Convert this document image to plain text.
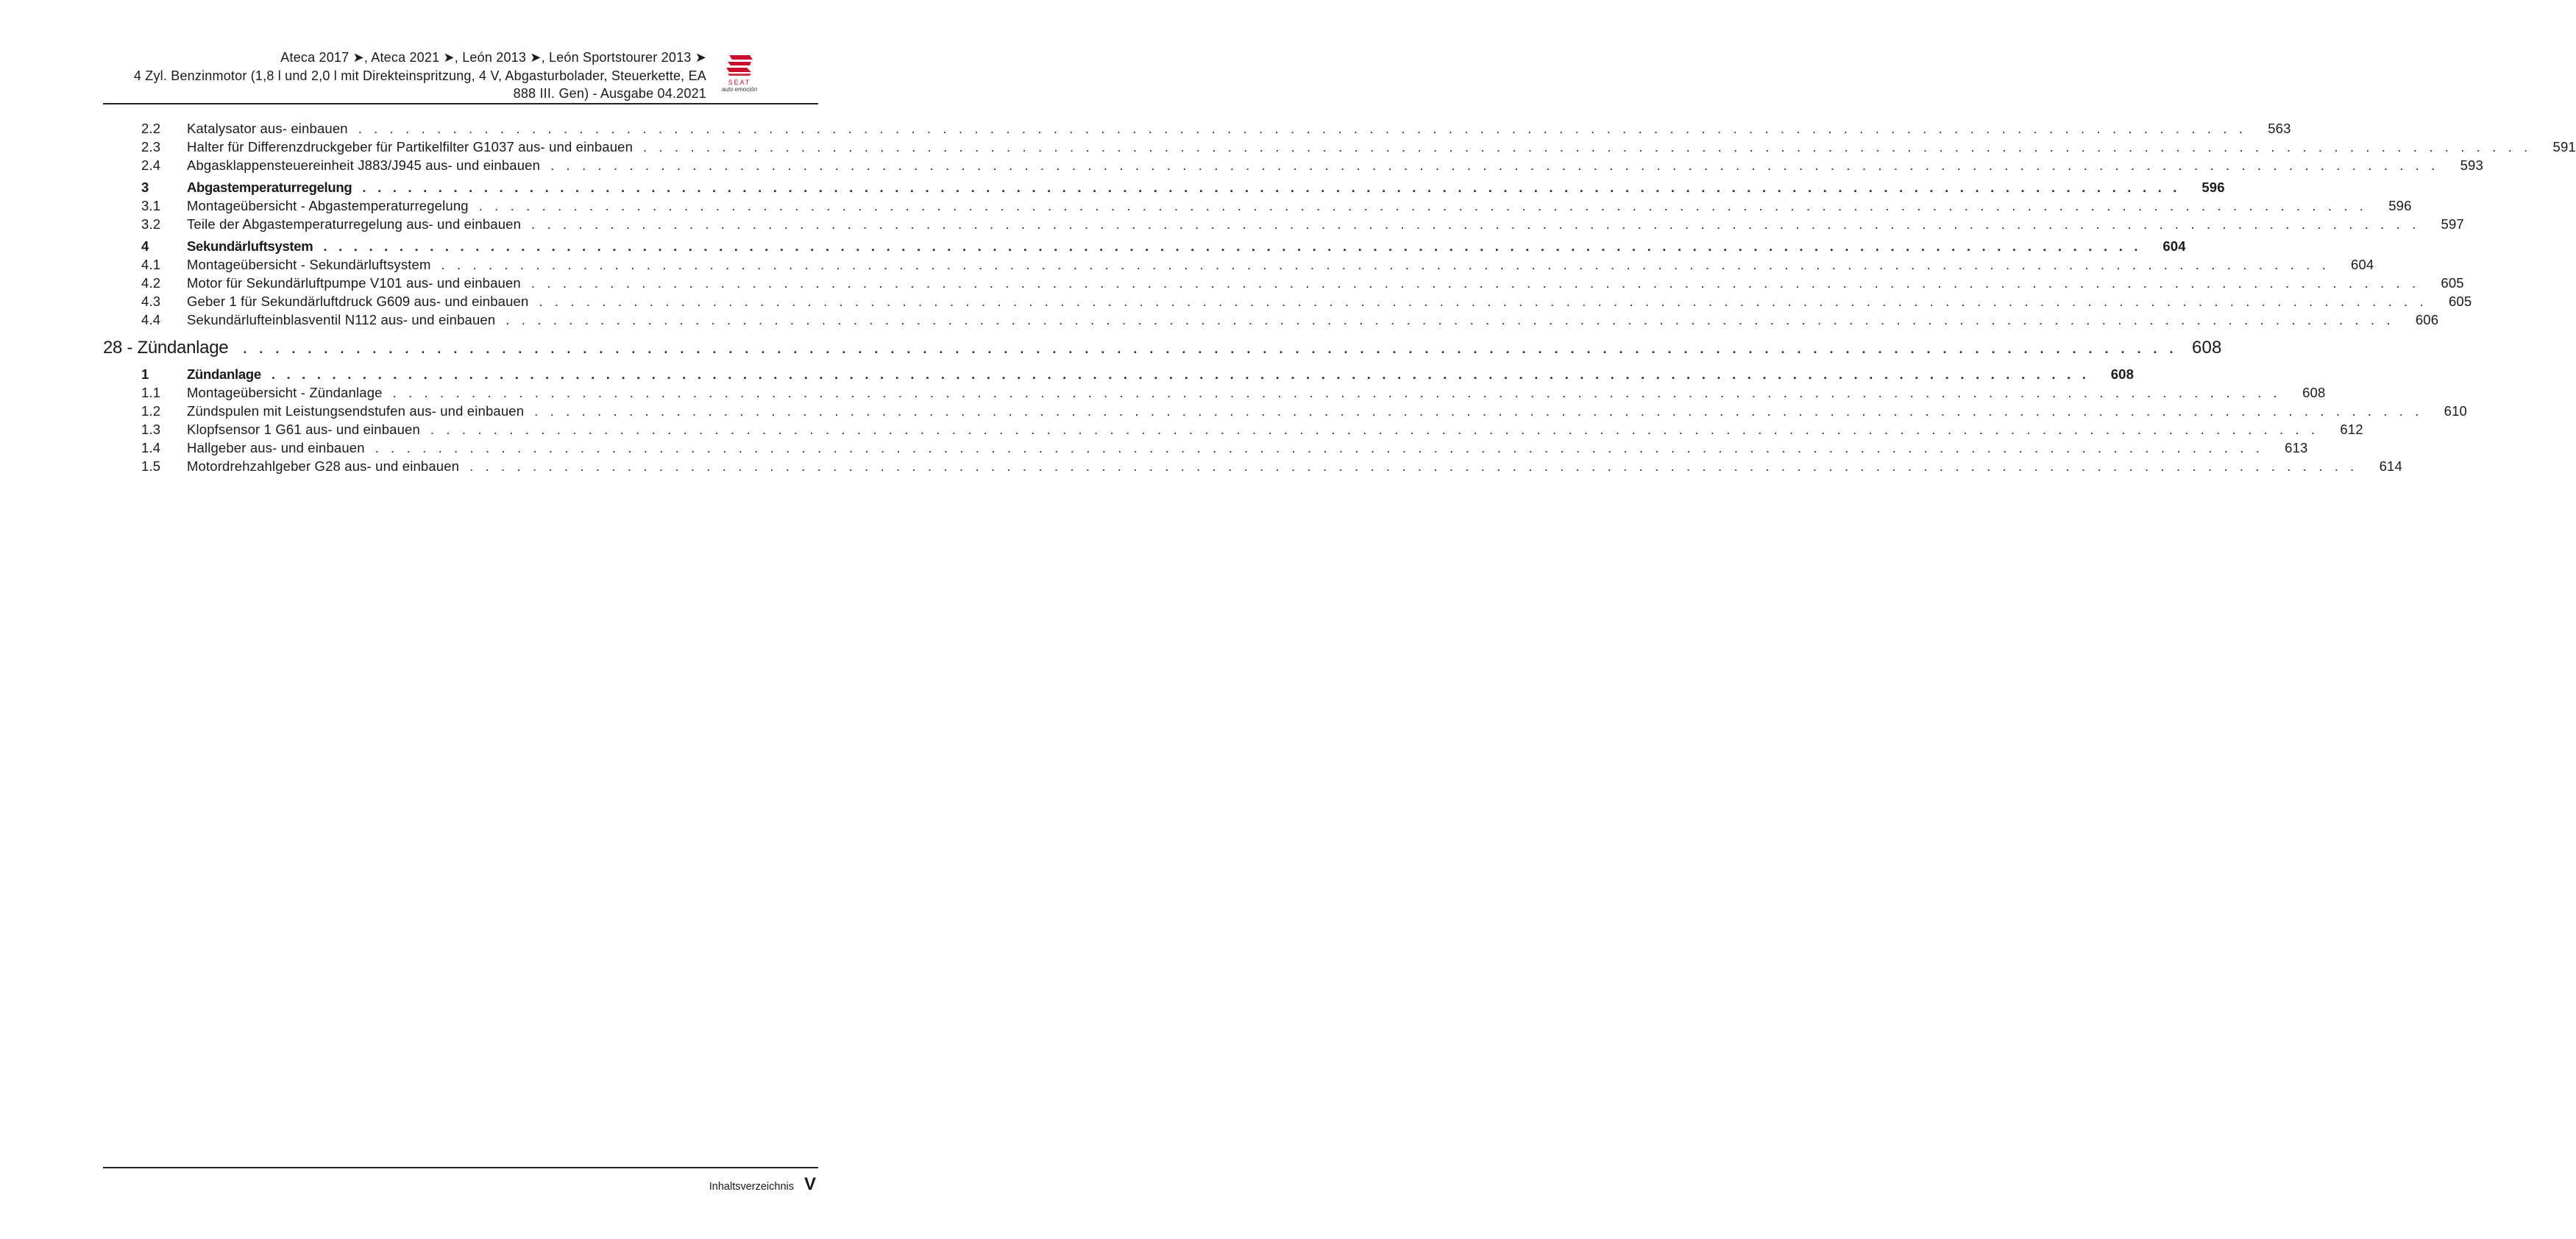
Ateca 2017 ➤, Ateca 2021 ➤, León 2013 ➤, León Sportstourer 2013 ➤
4 Zyl. Benzinmotor (1,8 l und 2,0 l mit Direkteinspritzung, 4 V, Abgasturbolader, Steuerkette, EA
888 III. Gen) - Ausgabe 04.2021
SEAT
auto emoción
2.2	Katalysator aus- einbauen . . . . . . . . . . . . . . . . . . . . . . . . . . . . . . . . . . . . . . . . . . . . . . . . . . . . . . . . . . . . . . . . . . . . . . . . . . . . . . . . . . . . . . . . . . . . . . . . . . . . . . . . . . . . . . . . . . . . . . . .	563
2.3	Halter für Differenzdruckgeber für Partikelfilter G1037 aus- und einbauen . . . . . . . . . . . . . . . . . . . . . . . . . . . . . . . . . . . . . . . . . . . . . . . . . . . . . . . . . . . . . . . . . . . . . . . . . . . . . . . . . . . . . . . . . . . . . . . . . . . . . . . . . . . . . . . . . . . . . . . .	591
2.4	Abgasklappensteuereinheit J883/J945 aus- und einbauen . . . . . . . . . . . . . . . . . . . . . . . . . . . . . . . . . . . . . . . . . . . . . . . . . . . . . . . . . . . . . . . . . . . . . . . . . . . . . . . . . . . . . . . . . . . . . . . . . . . . . . . . . . . . . . . . . . . . . . . .	593
3	Abgastemperaturregelung . . . . . . . . . . . . . . . . . . . . . . . . . . . . . . . . . . . . . . . . . . . . . . . . . . . . . . . . . . . . . . . . . . . . . . . . . . . . . . . . . . . . . . . . . . . . . . . . . . . . . . . . . . . . . . . . . . . . . . . .	596
3.1	Montageübersicht - Abgastemperaturregelung . . . . . . . . . . . . . . . . . . . . . . . . . . . . . . . . . . . . . . . . . . . . . . . . . . . . . . . . . . . . . . . . . . . . . . . . . . . . . . . . . . . . . . . . . . . . . . . . . . . . . . . . . . . . . . . . . . . . . . . .	596
3.2	Teile der Abgastemperaturregelung aus- und einbauen . . . . . . . . . . . . . . . . . . . . . . . . . . . . . . . . . . . . . . . . . . . . . . . . . . . . . . . . . . . . . . . . . . . . . . . . . . . . . . . . . . . . . . . . . . . . . . . . . . . . . . . . . . . . . . . . . . . . . . . .	597
4	Sekundärluftsystem . . . . . . . . . . . . . . . . . . . . . . . . . . . . . . . . . . . . . . . . . . . . . . . . . . . . . . . . . . . . . . . . . . . . . . . . . . . . . . . . . . . . . . . . . . . . . . . . . . . . . . . . . . . . . . . . . . . . . . . .	604
4.1	Montageübersicht - Sekundärluftsystem . . . . . . . . . . . . . . . . . . . . . . . . . . . . . . . . . . . . . . . . . . . . . . . . . . . . . . . . . . . . . . . . . . . . . . . . . . . . . . . . . . . . . . . . . . . . . . . . . . . . . . . . . . . . . . . . . . . . . . . .	604
4.2	Motor für Sekundärluftpumpe V101 aus- und einbauen . . . . . . . . . . . . . . . . . . . . . . . . . . . . . . . . . . . . . . . . . . . . . . . . . . . . . . . . . . . . . . . . . . . . . . . . . . . . . . . . . . . . . . . . . . . . . . . . . . . . . . . . . . . . . . . . . . . . . . . .	605
4.3	Geber 1 für Sekundärluftdruck G609 aus- und einbauen . . . . . . . . . . . . . . . . . . . . . . . . . . . . . . . . . . . . . . . . . . . . . . . . . . . . . . . . . . . . . . . . . . . . . . . . . . . . . . . . . . . . . . . . . . . . . . . . . . . . . . . . . . . . . . . . . . . . . . . .	605
4.4	Sekundärlufteinblasventil N112 aus- und einbauen . . . . . . . . . . . . . . . . . . . . . . . . . . . . . . . . . . . . . . . . . . . . . . . . . . . . . . . . . . . . . . . . . . . . . . . . . . . . . . . . . . . . . . . . . . . . . . . . . . . . . . . . . . . . . . . . . . . . . . . .	606
28 - Zündanlage	. . . . . . . . . . . . . . . . . . . . . . . . . . . . . . . . . . . . . . . . . . . . . . . . . . . . . . . . . . . . . . . . . . . . . . . . . . . . . . . . . . . . . . . . . . . . . . . . . . . . . . . . . . . . . . . . . . . . . . . . 608
1	Zündanlage . . . . . . . . . . . . . . . . . . . . . . . . . . . . . . . . . . . . . . . . . . . . . . . . . . . . . . . . . . . . . . . . . . . . . . . . . . . . . . . . . . . . . . . . . . . . . . . . . . . . . . . . . . . . . . . . . . . . . . . .	608
1.1	Montageübersicht - Zündanlage . . . . . . . . . . . . . . . . . . . . . . . . . . . . . . . . . . . . . . . . . . . . . . . . . . . . . . . . . . . . . . . . . . . . . . . . . . . . . . . . . . . . . . . . . . . . . . . . . . . . . . . . . . . . . . . . . . . . . . . .	608
1.2	Zündspulen mit Leistungsendstufen aus- und einbauen . . . . . . . . . . . . . . . . . . . . . . . . . . . . . . . . . . . . . . . . . . . . . . . . . . . . . . . . . . . . . . . . . . . . . . . . . . . . . . . . . . . . . . . . . . . . . . . . . . . . . . . . . . . . . . . . . . . . . . . .	610
1.3	Klopfsensor 1 G61 aus- und einbauen . . . . . . . . . . . . . . . . . . . . . . . . . . . . . . . . . . . . . . . . . . . . . . . . . . . . . . . . . . . . . . . . . . . . . . . . . . . . . . . . . . . . . . . . . . . . . . . . . . . . . . . . . . . . . . . . . . . . . . . .	612
1.4	Hallgeber aus- und einbauen . . . . . . . . . . . . . . . . . . . . . . . . . . . . . . . . . . . . . . . . . . . . . . . . . . . . . . . . . . . . . . . . . . . . . . . . . . . . . . . . . . . . . . . . . . . . . . . . . . . . . . . . . . . . . . . . . . . . . . . .	613
1.5	Motordrehzahlgeber G28 aus- und einbauen . . . . . . . . . . . . . . . . . . . . . . . . . . . . . . . . . . . . . . . . . . . . . . . . . . . . . . . . . . . . . . . . . . . . . . . . . . . . . . . . . . . . . . . . . . . . . . . . . . . . . . . . . . . . . . . . . . . . . . . .	614
Inhaltsverzeichnis V
